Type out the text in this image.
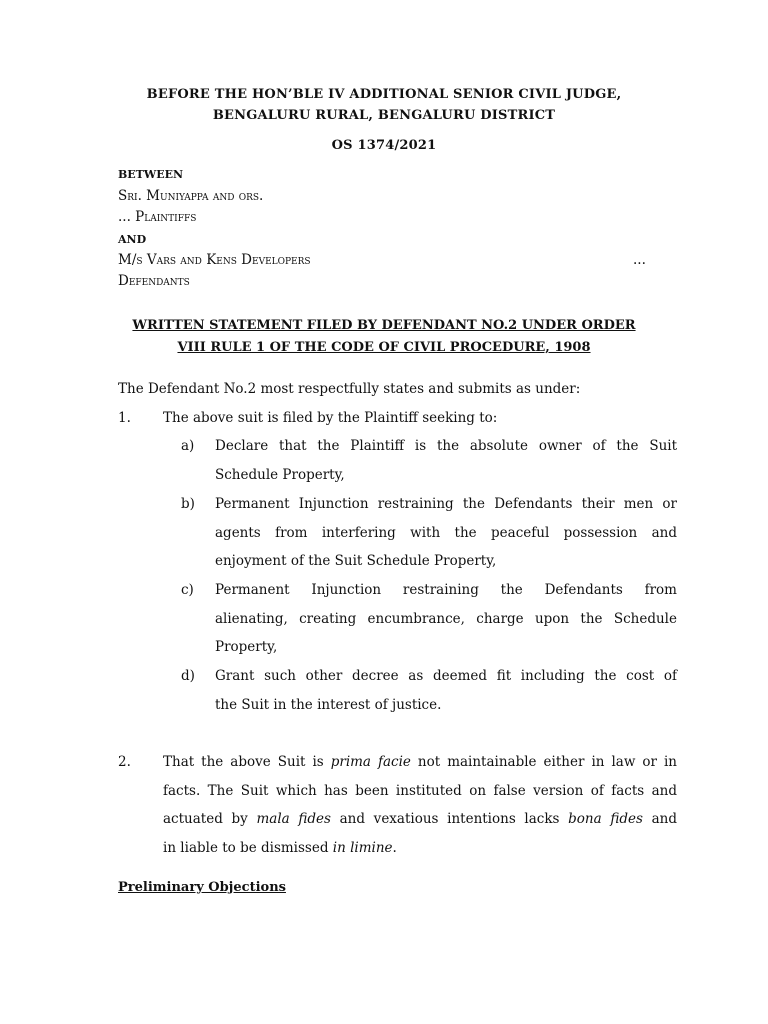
BEFORE THE HON’BLE IV ADDITIONAL SENIOR CIVIL JUDGE,
BENGALURU RURAL, BENGALURU DISTRICT
OS 1374/2021
BETWEEN
Sri. Muniyappa and ors.
... Plaintiffs
AND
M/s Vars and Kens Developers	...
Defendants
WRITTEN STATEMENT FILED BY DEFENDANT NO.2 UNDER ORDER
VIII RULE 1 OF THE CODE OF CIVIL PROCEDURE, 1908
The Defendant No.2 most respectfully states and submits as under:
1. The above suit is filed by the Plaintiff seeking to:
a) Declare that the Plaintiff is the absolute owner of the Suit
Schedule Property,
b) Permanent Injunction restraining the Defendants their men or
agents from interfering with the peaceful possession and
enjoyment of the Suit Schedule Property,
c) Permanent Injunction restraining the Defendants from
alienating, creating encumbrance, charge upon the Schedule
Property,
d) Grant such other decree as deemed fit including the cost of
the Suit in the interest of justice.
2. That the above Suit is prima facie not maintainable either in law or in
facts. The Suit which has been instituted on false version of facts and
actuated by mala fides and vexatious intentions lacks bona fides and
in liable to be dismissed in limine.
Preliminary Objections
